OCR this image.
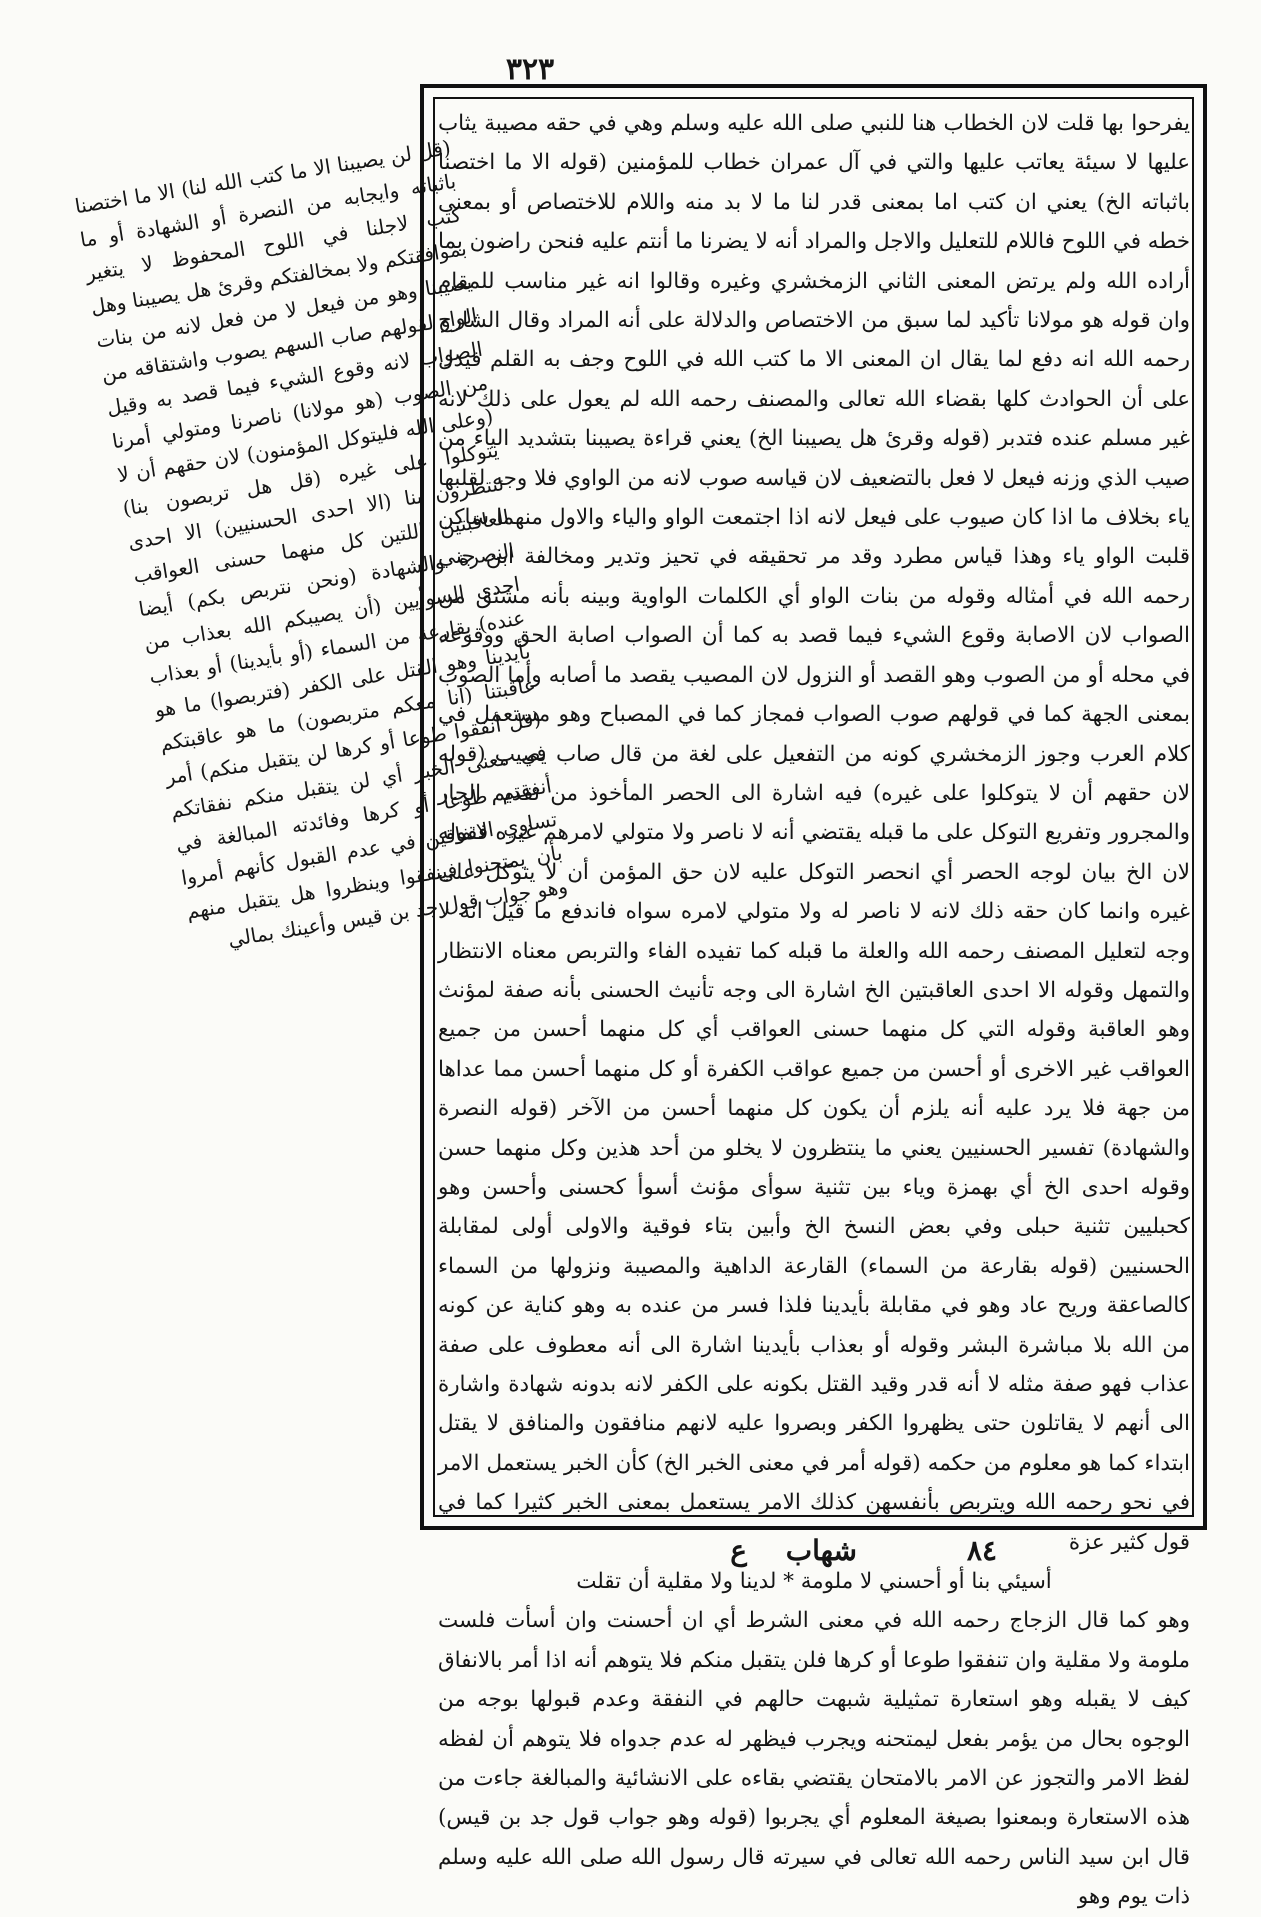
٣٢٣

(قل لن يصيبنا الا ما كتب الله لنا) الا ما اختصنا باثباته وايجابه من النصرة أو الشهادة أو ما كتب لاجلنا في اللوح المحفوظ لا يتغير بموافقتكم ولا بمخالفتكم وقرئ هل يصيبنا وهل يصيبنا وهو من فيعل لا من فعل لانه من بنات الواو لقولهم صاب السهم يصوب واشتقاقه من الصواب لانه وقوع الشيء فيما قصد به وقيل من الصوب (هو مولانا) ناصرنا ومتولي أمرنا (وعلى الله فليتوكل المؤمنون) لان حقهم أن لا يتوكلوا على غيره (قل هل تربصون بنا) تنتظرون بنا (الا احدى الحسنيين) الا احدى العاقبتين اللتين كل منهما حسنى العواقب النصرة والشهادة (ونحن نتربص بكم) أيضا احدى السوأيين (أن يصيبكم الله بعذاب من عنده) بقارعة من السماء (أو بأيدينا) أو بعذاب بأيدينا وهو القتل على الكفر (فتربصوا) ما هو عاقبتنا (انا معكم متربصون) ما هو عاقبتكم (قل أنفقوا طوعا أو كرها لن يتقبل منكم) أمر في معنى الخبر أي لن يتقبل منكم نفقاتكم أنفقتم طوعا أو كرها وفائدته المبالغة في تساوي الانفاقين في عدم القبول كأنهم أمروا بأن يمتحنوا فينفقوا وينظروا هل يتقبل منهم وهو جواب قول جد بن قيس وأعينك بمالي

يفرحوا بها قلت لان الخطاب هنا للنبي صلى الله عليه وسلم وهي في حقه مصيبة يثاب عليها لا سيئة يعاتب عليها والتي في آل عمران خطاب للمؤمنين (قوله الا ما اختصنا باثباته الخ) يعني ان كتب اما بمعنى قدر لنا ما لا بد منه واللام للاختصاص أو بمعنى خطه في اللوح فاللام للتعليل والاجل والمراد أنه لا يضرنا ما أنتم عليه فنحن راضون بما أراده الله ولم يرتض المعنى الثاني الزمخشري وغيره وقالوا انه غير مناسب للمقام وان قوله هو مولانا تأكيد لما سبق من الاختصاص والدلالة على أنه المراد وقال الشارح رحمه الله انه دفع لما يقال ان المعنى الا ما كتب الله في اللوح وجف به القلم فيدل على أن الحوادث كلها بقضاء الله تعالى والمصنف رحمه الله لم يعول على ذلك لانه غير مسلم عنده فتدبر (قوله وقرئ هل يصيبنا الخ) يعني قراءة يصيبنا بتشديد الياء من صيب الذي وزنه فيعل لا فعل بالتضعيف لان قياسه صوب لانه من الواوي فلا وجه لقلبها ياء بخلاف ما اذا كان صيوب على فيعل لانه اذا اجتمعت الواو والياء والاول منهما ساكن قلبت الواو ياء وهذا قياس مطرد وقد مر تحقيقه في تحيز وتدير ومخالفة ابن جني رحمه الله في أمثاله وقوله من بنات الواو أي الكلمات الواوية وبينه بأنه مشتق من الصواب لان الاصابة وقوع الشيء فيما قصد به كما أن الصواب اصابة الحق ووقوعه في محله أو من الصوب وهو القصد أو النزول لان المصيب يقصد ما أصابه وأما الصوب بمعنى الجهة كما في قولهم صوب الصواب فمجاز كما في المصباح وهو مستعمل في كلام العرب وجوز الزمخشري كونه من التفعيل على لغة من قال صاب يصيب (قوله لان حقهم أن لا يتوكلوا على غيره) فيه اشارة الى الحصر المأخوذ من تقديم الجار والمجرور وتفريع التوكل على ما قبله يقتضي أنه لا ناصر ولا متولي لامرهم غيره فقوله لان الخ بيان لوجه الحصر أي انحصر التوكل عليه لان حق المؤمن أن لا يتوكل على غيره وانما كان حقه ذلك لانه لا ناصر له ولا متولي لامره سواه فاندفع ما قيل انه لا وجه لتعليل المصنف رحمه الله والعلة ما قبله كما تفيده الفاء والتربص معناه الانتظار والتمهل وقوله الا احدى العاقبتين الخ اشارة الى وجه تأنيث الحسنى بأنه صفة لمؤنث وهو العاقبة وقوله التي كل منهما حسنى العواقب أي كل منهما أحسن من جميع العواقب غير الاخرى أو أحسن من جميع عواقب الكفرة أو كل منهما أحسن مما عداها من جهة فلا يرد عليه أنه يلزم أن يكون كل منهما أحسن من الآخر (قوله النصرة والشهادة) تفسير الحسنيين يعني ما ينتظرون لا يخلو من أحد هذين وكل منهما حسن وقوله احدى الخ أي بهمزة وياء بين تثنية سوأى مؤنث أسوأ كحسنى وأحسن وهو كحبليين تثنية حبلى وفي بعض النسخ الخ وأبين بتاء فوقية والاولى أولى لمقابلة الحسنيين (قوله بقارعة من السماء) القارعة الداهية والمصيبة ونزولها من السماء كالصاعقة وريح عاد وهو في مقابلة بأيدينا فلذا فسر من عنده به وهو كناية عن كونه من الله بلا مباشرة البشر وقوله أو بعذاب بأيدينا اشارة الى أنه معطوف على صفة عذاب فهو صفة مثله لا أنه قدر وقيد القتل بكونه على الكفر لانه بدونه شهادة واشارة الى أنهم لا يقاتلون حتى يظهروا الكفر وبصروا عليه لانهم منافقون والمنافق لا يقتل ابتداء كما هو معلوم من حكمه (قوله أمر في معنى الخبر الخ) كأن الخبر يستعمل الامر في نحو رحمه الله ويتربص بأنفسهن كذلك الامر يستعمل بمعنى الخبر كثيرا كما في قول كثير عزة

أسيئي بنا أو أحسني لا ملومة * لدينا ولا مقلية أن تقلت

وهو كما قال الزجاج رحمه الله في معنى الشرط أي ان أحسنت وان أسأت فلست ملومة ولا مقلية وان تنفقوا طوعا أو كرها فلن يتقبل منكم فلا يتوهم أنه اذا أمر بالانفاق كيف لا يقبله وهو استعارة تمثيلية شبهت حالهم في النفقة وعدم قبولها بوجه من الوجوه بحال من يؤمر بفعل ليمتحنه ويجرب فيظهر له عدم جدواه فلا يتوهم أن لفظه لفظ الامر والتجوز عن الامر بالامتحان يقتضي بقاءه على الانشائية والمبالغة جاءت من هذه الاستعارة وبمعنوا بصيغة المعلوم أي يجربوا (قوله وهو جواب قول جد بن قيس) قال ابن سيد الناس رحمه الله تعالى في سيرته قال رسول الله صلى الله عليه وسلم ذات يوم وهو

٨٤
شهاب
ع
